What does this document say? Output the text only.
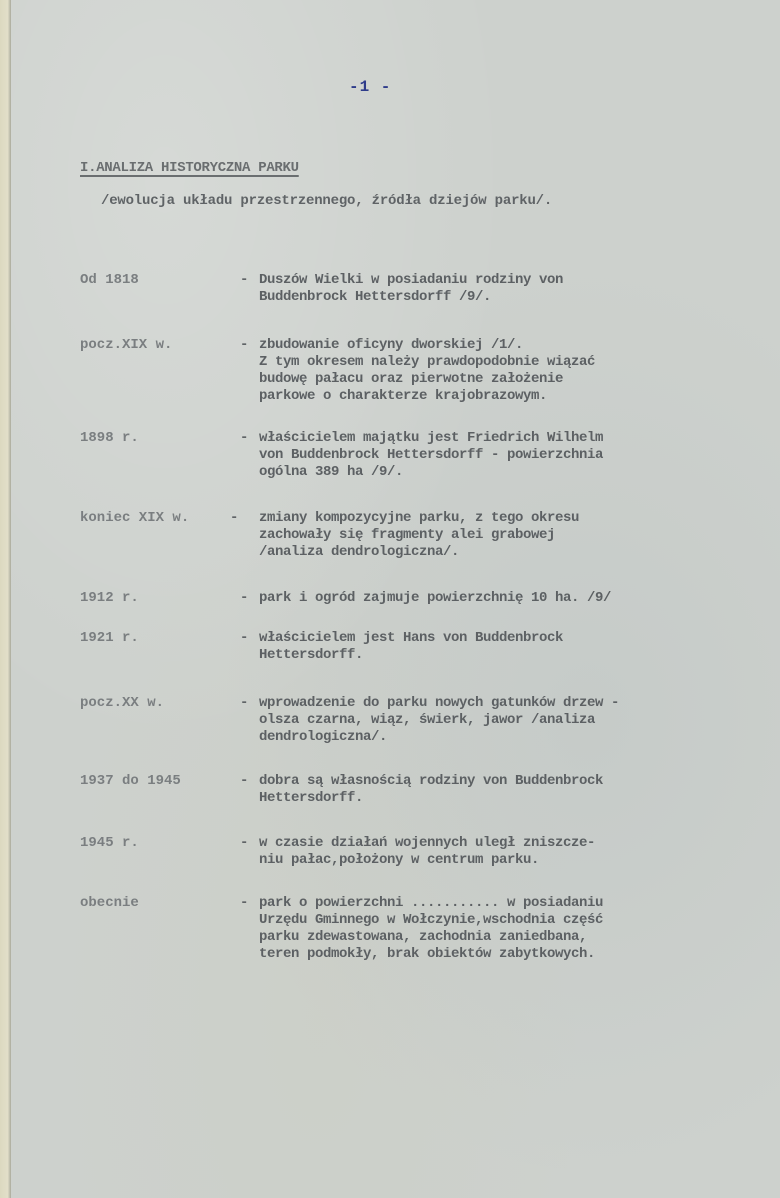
-1 -
I.ANALIZA HISTORYCZNA PARKU
/ewolucja układu przestrzennego, źródła dziejów parku/.
Od 1818	- Duszów Wielki w posiadaniu rodziny von
Buddenbrock Hettersdorff /9/.
pocz.XIX w.	- zbudowanie oficyny dworskiej /1/.
Z tym okresem należy prawdopodobnie wiązać
budowę pałacu oraz pierwotne założenie
parkowe o charakterze krajobrazowym.
1898 r.	- właścicielem majątku jest Friedrich Wilhelm
von Buddenbrock Hettersdorff - powierzchnia
ogólna 389 ha /9/.
koniec XIX w.	- zmiany kompozycyjne parku, z tego okresu
zachowały się fragmenty alei grabowej
/analiza dendrologiczna/.
1912 r.	- park i ogród zajmuje powierzchnię 10 ha. /9/
1921 r.	- właścicielem jest Hans von Buddenbrock
Hettersdorff.
pocz.XX w.	- wprowadzenie do parku nowych gatunków drzew -
olsza czarna, wiąz, świerk, jawor /analiza
dendrologiczna/.
1937 do 1945	- dobra są własnością rodziny von Buddenbrock
Hettersdorff.
1945 r.	- w czasie działań wojennych uległ zniszcze-
niu pałac,położony w centrum parku.
obecnie	- park o powierzchni ........... w posiadaniu
Urzędu Gminnego w Wołczynie,wschodnia część
parku zdewastowana, zachodnia zaniedbana,
teren podmokły, brak obiektów zabytkowych.
